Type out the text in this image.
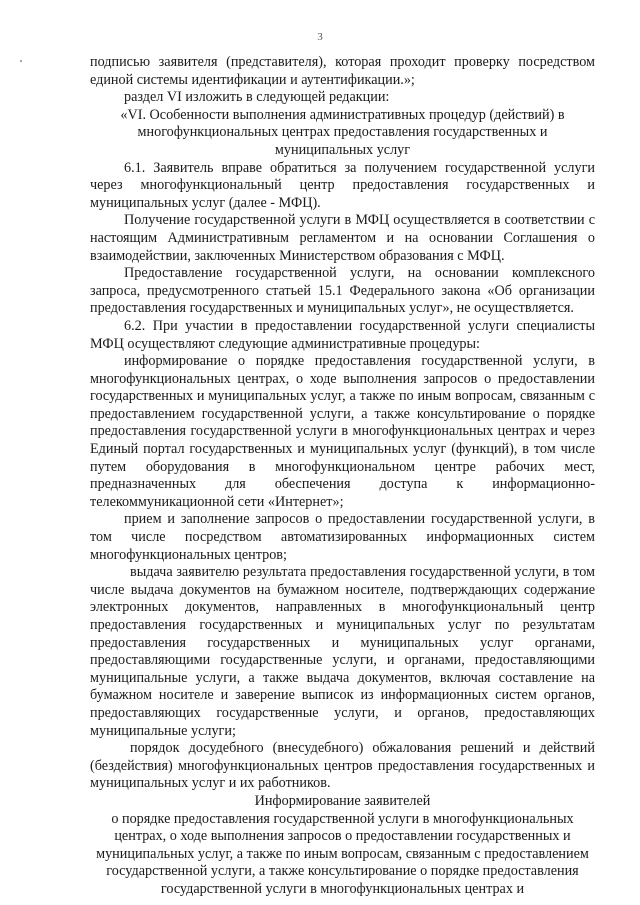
3

подписью заявителя (представителя), которая проходит проверку посредством единой системы идентификации и аутентификации.»;

раздел VI изложить в следующей редакции:

«VI. Особенности выполнения административных процедур (действий) в многофункциональных центрах предоставления государственных и муниципальных услуг

6.1. Заявитель вправе обратиться за получением государственной услуги через многофункциональный центр предоставления государственных и муниципальных услуг (далее - МФЦ).

Получение государственной услуги в МФЦ осуществляется в соответствии с настоящим Административным регламентом и на основании Соглашения о взаимодействии, заключенных Министерством образования с МФЦ.

Предоставление государственной услуги, на основании комплексного запроса, предусмотренного статьей 15.1 Федерального закона «Об организации предоставления государственных и муниципальных услуг», не осуществляется.

6.2. При участии в предоставлении государственной услуги специалисты МФЦ осуществляют следующие административные процедуры:

информирование о порядке предоставления государственной услуги, в многофункциональных центрах, о ходе выполнения запросов о предоставлении государственных и муниципальных услуг, а также по иным вопросам, связанным с предоставлением государственной услуги, а также консультирование о порядке предоставления государственной услуги в многофункциональных центрах и через Единый портал государственных и муниципальных услуг (функций), в том числе путем оборудования в многофункциональном центре рабочих мест, предназначенных для обеспечения доступа к информационно-телекоммуникационной сети «Интернет»;

прием и заполнение запросов о предоставлении государственной услуги, в том числе посредством автоматизированных информационных систем многофункциональных центров;

выдача заявителю результата предоставления государственной услуги, в том числе выдача документов на бумажном носителе, подтверждающих содержание электронных документов, направленных в многофункциональный центр предоставления государственных и муниципальных услуг по результатам предоставления государственных и муниципальных услуг органами, предоставляющими государственные услуги, и органами, предоставляющими муниципальные услуги, а также выдача документов, включая составление на бумажном носителе и заверение выписок из информационных систем органов, предоставляющих государственные услуги, и органов, предоставляющих муниципальные услуги;

порядок досудебного (внесудебного) обжалования решений и действий (бездействия) многофункциональных центров предоставления государственных и муниципальных услуг и их работников.

Информирование заявителей

о порядке предоставления государственной услуги в многофункциональных центрах, о ходе выполнения запросов о предоставлении государственных и муниципальных услуг, а также по иным вопросам, связанным с предоставлением государственной услуги, а также консультирование о порядке предоставления государственной услуги в многофункциональных центрах и
